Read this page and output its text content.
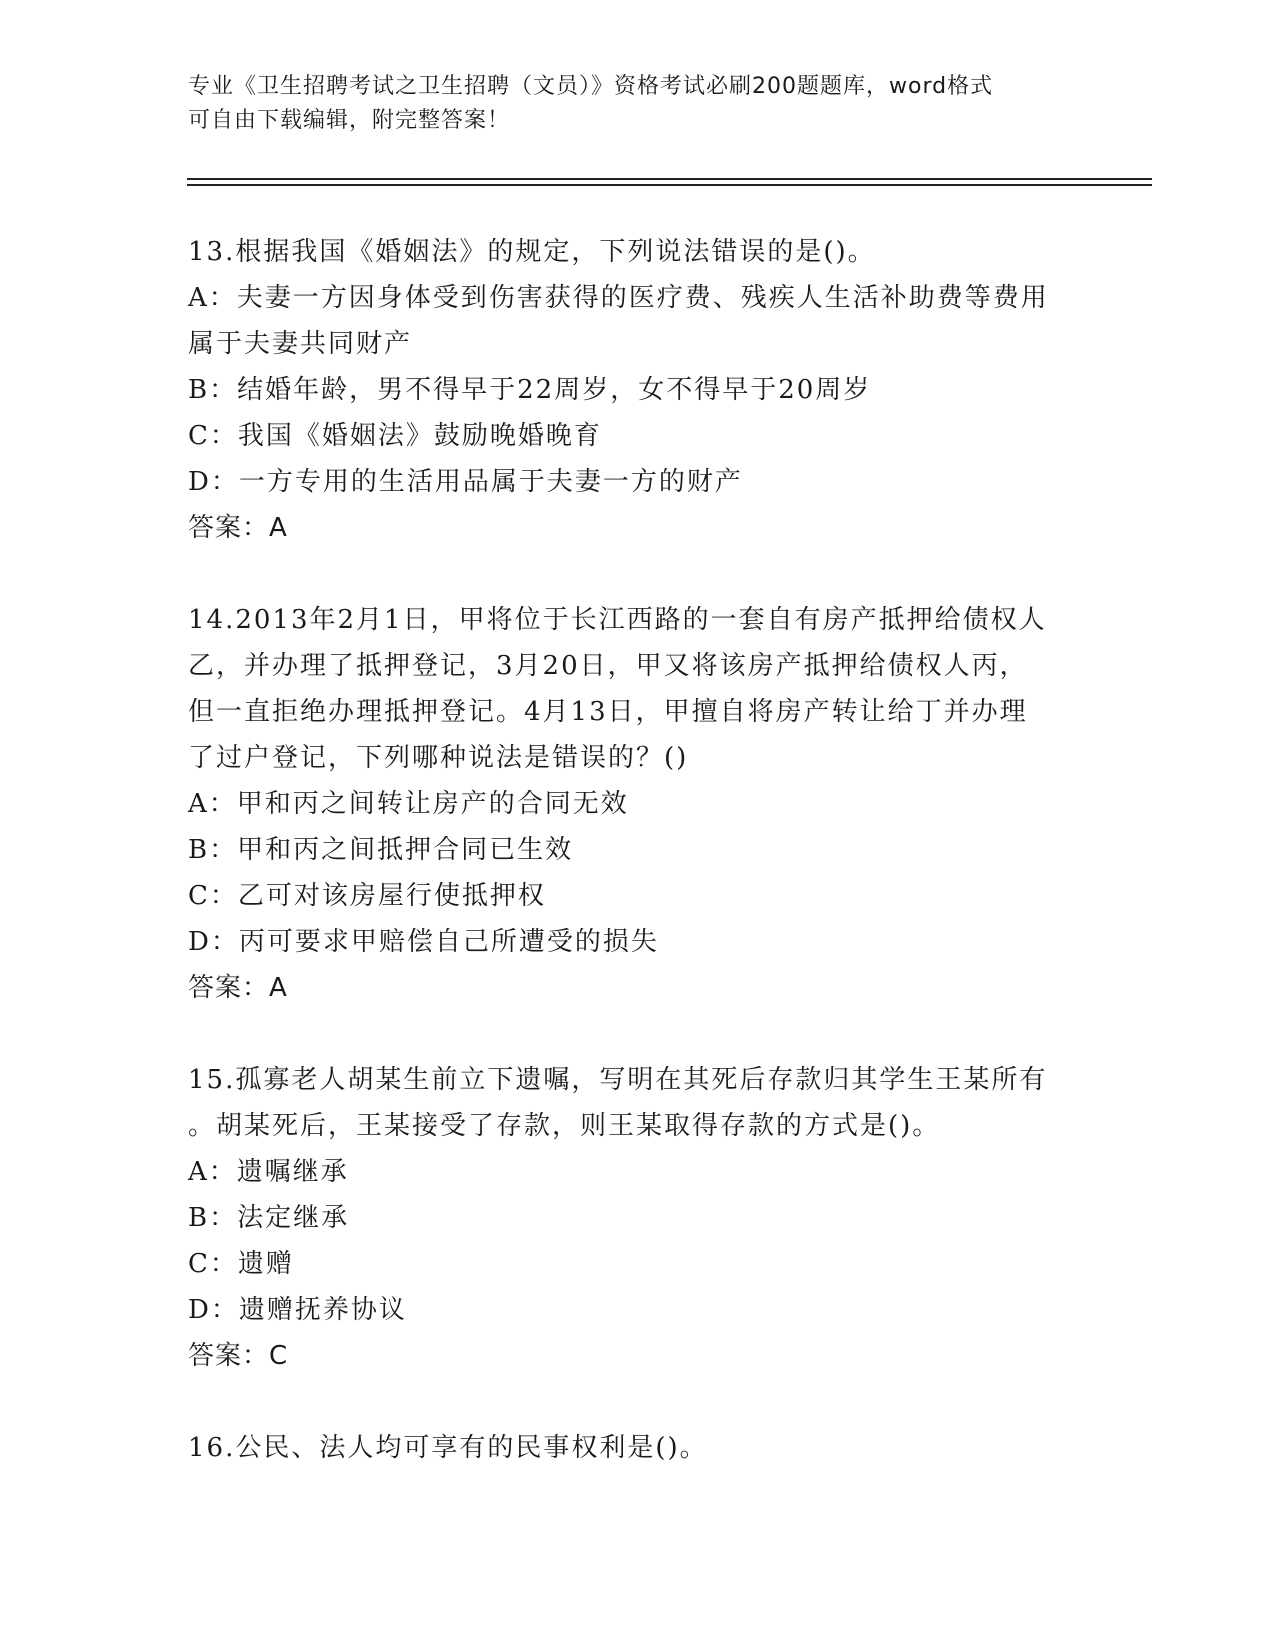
专业《卫生招聘考试之卫生招聘（文员）》资格考试必刷200题题库，word格式
可自由下载编辑，附完整答案！
13.根据我国《婚姻法》的规定，下列说法错误的是()。
A：夫妻一方因身体受到伤害获得的医疗费、残疾人生活补助费等费用
属于夫妻共同财产
B：结婚年龄，男不得早于22周岁，女不得早于20周岁
C：我国《婚姻法》鼓励晚婚晚育
D：一方专用的生活用品属于夫妻一方的财产
答案：A
14.2013年2月1日，甲将位于长江西路的一套自有房产抵押给债权人
乙，并办理了抵押登记，3月20日，甲又将该房产抵押给债权人丙，
但一直拒绝办理抵押登记。4月13日，甲擅自将房产转让给丁并办理
了过户登记，下列哪种说法是错误的？()
A：甲和丙之间转让房产的合同无效
B：甲和丙之间抵押合同已生效
C：乙可对该房屋行使抵押权
D：丙可要求甲赔偿自己所遭受的损失
答案：A
15.孤寡老人胡某生前立下遗嘱，写明在其死后存款归其学生王某所有
。胡某死后，王某接受了存款，则王某取得存款的方式是()。
A：遗嘱继承
B：法定继承
C：遗赠
D：遗赠抚养协议
答案：C
16.公民、法人均可享有的民事权利是()。
